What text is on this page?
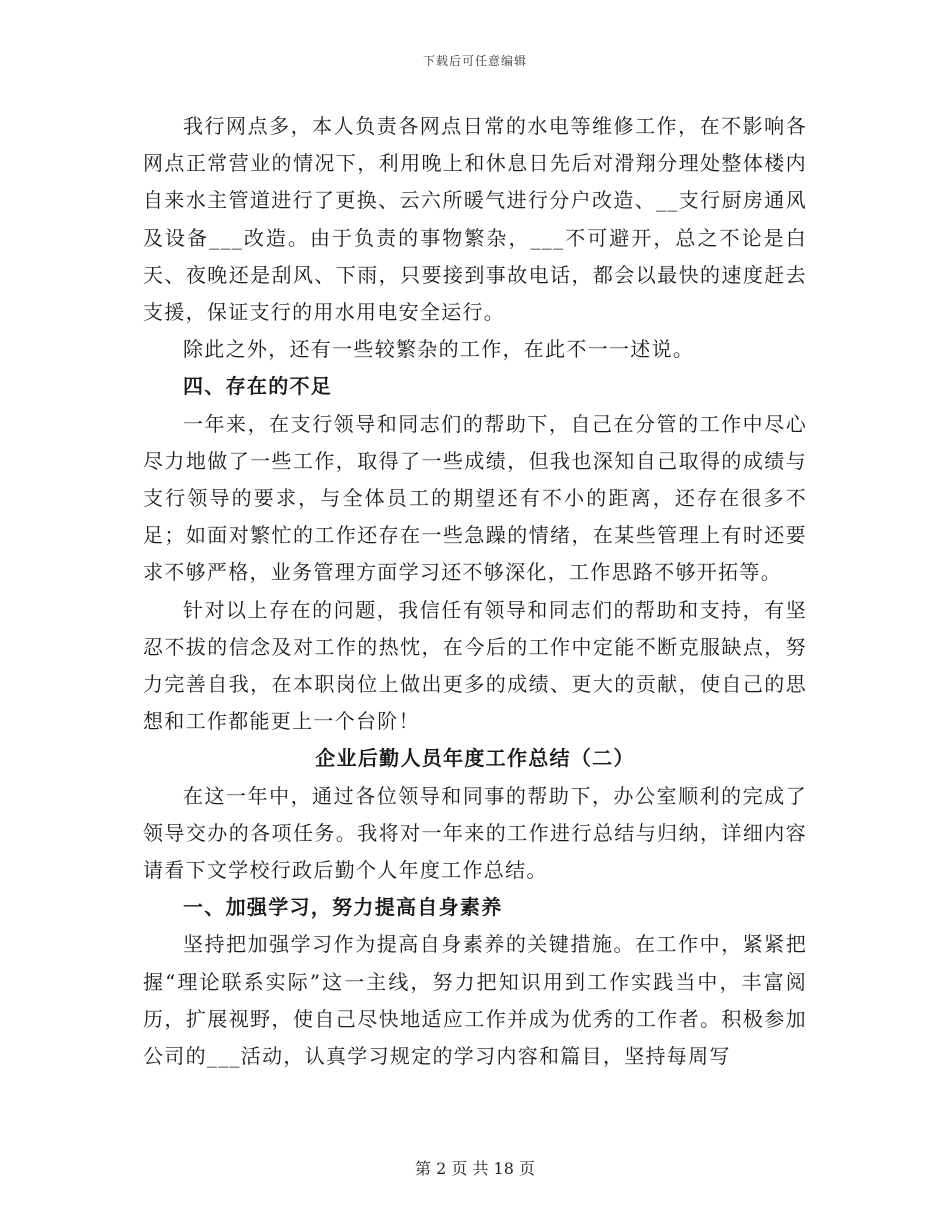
下载后可任意编辑

我行网点多，本人负责各网点日常的水电等维修工作，在不影响各网点正常营业的情况下，利用晚上和休息日先后对滑翔分理处整体楼内自来水主管道进行了更换、云六所暖气进行分户改造、__支行厨房通风及设备___改造。由于负责的事物繁杂，___不可避开，总之不论是白天、夜晚还是刮风、下雨，只要接到事故电话，都会以最快的速度赶去支援，保证支行的用水用电安全运行。

除此之外，还有一些较繁杂的工作，在此不一一述说。

四、存在的不足

一年来，在支行领导和同志们的帮助下，自己在分管的工作中尽心尽力地做了一些工作，取得了一些成绩，但我也深知自己取得的成绩与支行领导的要求，与全体员工的期望还有不小的距离，还存在很多不足；如面对繁忙的工作还存在一些急躁的情绪，在某些管理上有时还要求不够严格，业务管理方面学习还不够深化，工作思路不够开拓等。

针对以上存在的问题，我信任有领导和同志们的帮助和支持，有坚忍不拔的信念及对工作的热忱，在今后的工作中定能不断克服缺点，努力完善自我，在本职岗位上做出更多的成绩、更大的贡献，使自己的思想和工作都能更上一个台阶！

企业后勤人员年度工作总结（二）

在这一年中，通过各位领导和同事的帮助下，办公室顺利的完成了领导交办的各项任务。我将对一年来的工作进行总结与归纳，详细内容请看下文学校行政后勤个人年度工作总结。

一、加强学习，努力提高自身素养

坚持把加强学习作为提高自身素养的关键措施。在工作中，紧紧把握“理论联系实际”这一主线，努力把知识用到工作实践当中，丰富阅历，扩展视野，使自己尽快地适应工作并成为优秀的工作者。积极参加公司的___活动，认真学习规定的学习内容和篇目，坚持每周写

第 2 页 共 18 页
